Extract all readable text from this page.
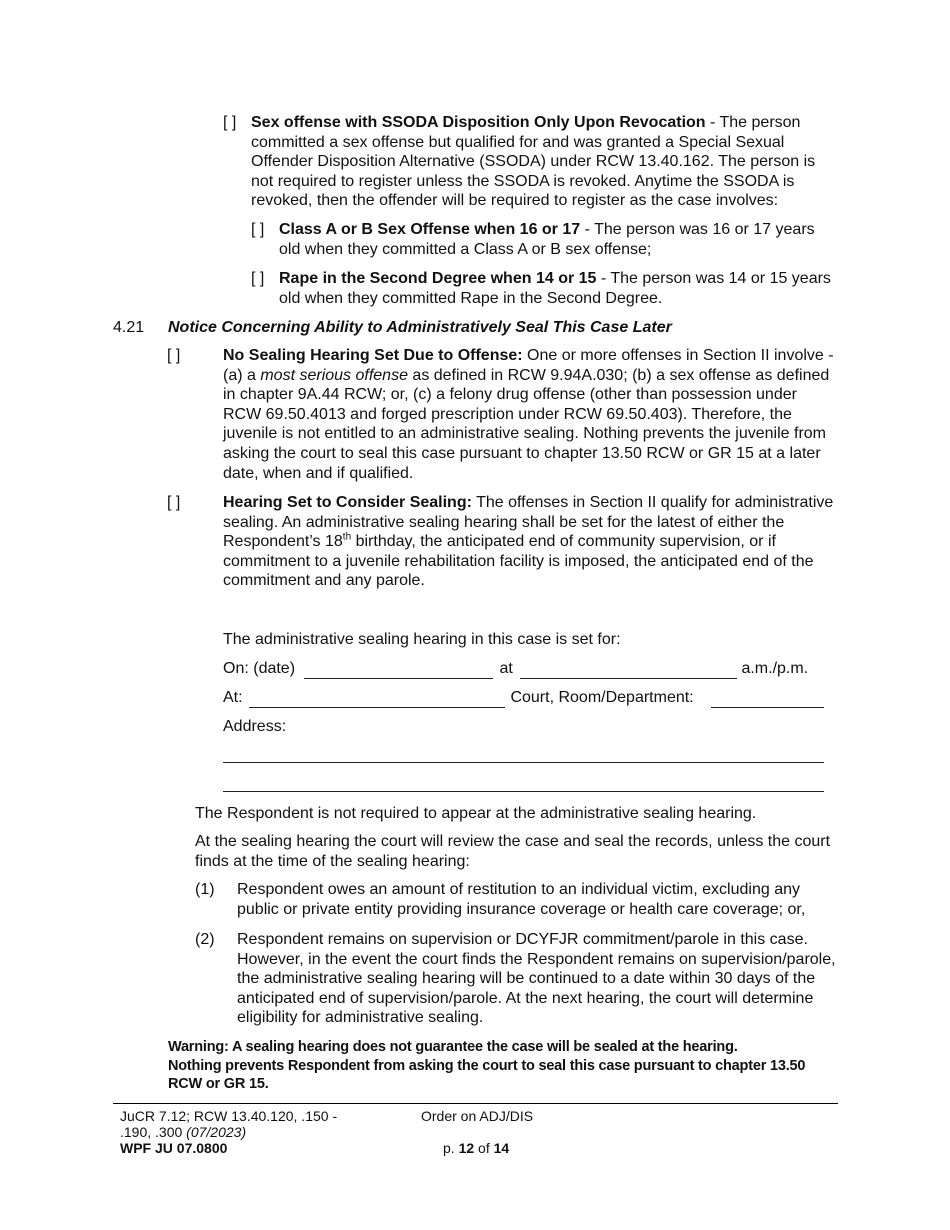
[ ] Sex offense with SSODA Disposition Only Upon Revocation - The person committed a sex offense but qualified for and was granted a Special Sexual Offender Disposition Alternative (SSODA) under RCW 13.40.162. The person is not required to register unless the SSODA is revoked. Anytime the SSODA is revoked, then the offender will be required to register as the case involves:
[ ] Class A or B Sex Offense when 16 or 17 - The person was 16 or 17 years old when they committed a Class A or B sex offense;
[ ] Rape in the Second Degree when 14 or 15 - The person was 14 or 15 years old when they committed Rape in the Second Degree.
4.21 Notice Concerning Ability to Administratively Seal This Case Later
[ ]	No Sealing Hearing Set Due to Offense: One or more offenses in Section II involve - (a) a most serious offense as defined in RCW 9.94A.030; (b) a sex offense as defined in chapter 9A.44 RCW; or, (c) a felony drug offense (other than possession under RCW 69.50.4013 and forged prescription under RCW 69.50.403). Therefore, the juvenile is not entitled to an administrative sealing. Nothing prevents the juvenile from asking the court to seal this case pursuant to chapter 13.50 RCW or GR 15 at a later date, when and if qualified.
[ ]	Hearing Set to Consider Sealing: The offenses in Section II qualify for administrative sealing. An administrative sealing hearing shall be set for the latest of either the Respondent’s 18th birthday, the anticipated end of community supervision, or if commitment to a juvenile rehabilitation facility is imposed, the anticipated end of the commitment and any parole.
The administrative sealing hearing in this case is set for:
On: (date)	at	a.m./p.m.
At:	Court, Room/Department:
Address:
The Respondent is not required to appear at the administrative sealing hearing.
At the sealing hearing the court will review the case and seal the records, unless the court finds at the time of the sealing hearing:
(1) Respondent owes an amount of restitution to an individual victim, excluding any public or private entity providing insurance coverage or health care coverage; or,
(2) Respondent remains on supervision or DCYFJR commitment/parole in this case. However, in the event the court finds the Respondent remains on supervision/parole, the administrative sealing hearing will be continued to a date within 30 days of the anticipated end of supervision/parole. At the next hearing, the court will determine eligibility for administrative sealing.
Warning: A sealing hearing does not guarantee the case will be sealed at the hearing.
Nothing prevents Respondent from asking the court to seal this case pursuant to chapter 13.50 RCW or GR 15.
JuCR 7.12; RCW 13.40.120, .150 -
.190, .300 (07/2023)
WPF JU 07.0800
Order on ADJ/DIS
p. 12 of 14
